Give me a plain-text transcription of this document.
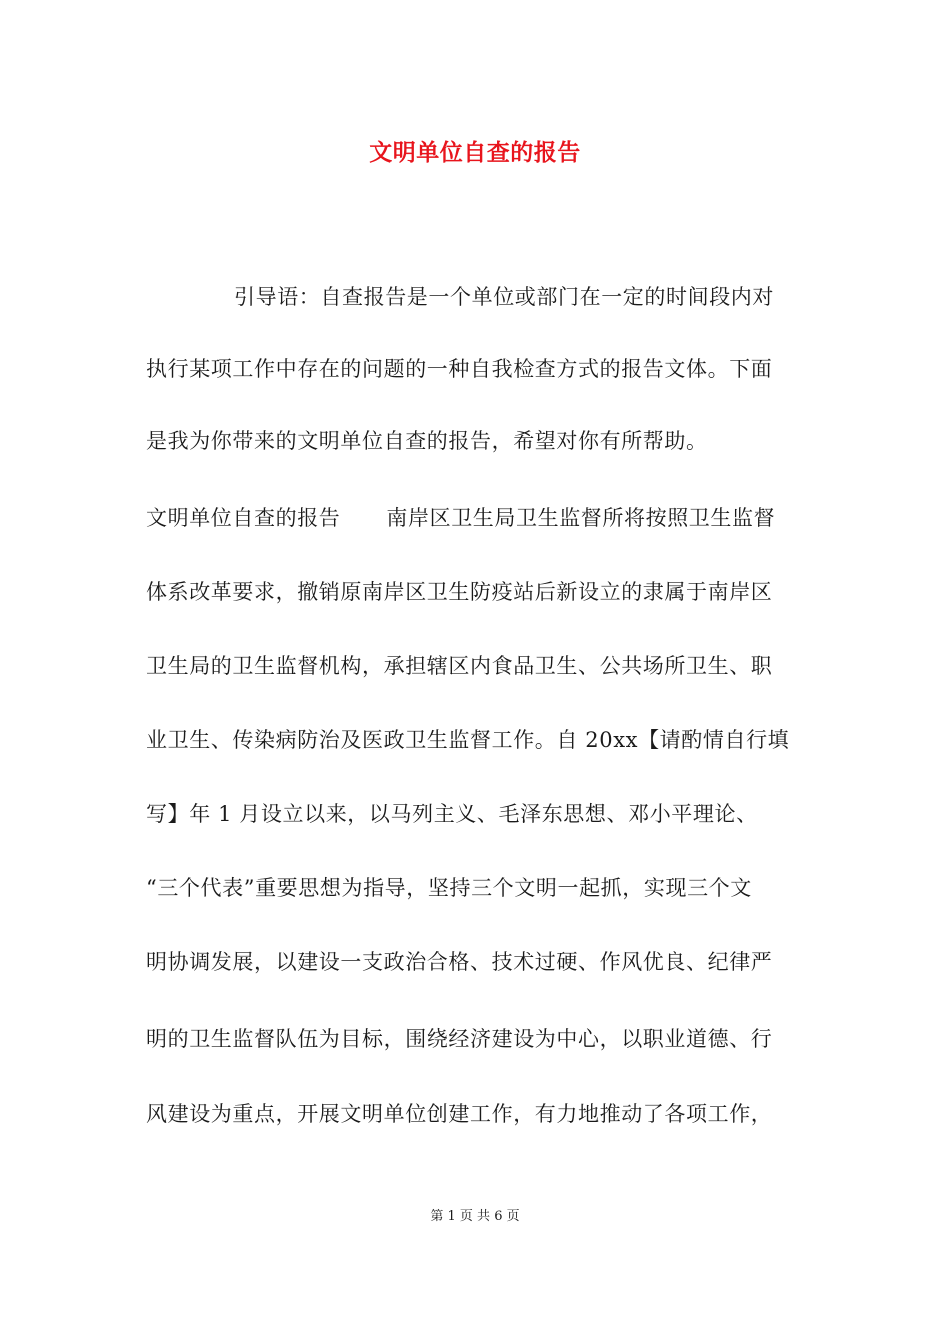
文明单位自查的报告
引导语：自查报告是一个单位或部门在一定的时间段内对
执行某项工作中存在的问题的一种自我检查方式的报告文体。下面
是我为你带来的文明单位自查的报告，希望对你有所帮助。
文明单位自查的报告 南岸区卫生局卫生监督所将按照卫生监督
体系改革要求，撤销原南岸区卫生防疫站后新设立的隶属于南岸区
卫生局的卫生监督机构，承担辖区内食品卫生、公共场所卫生、职
业卫生、传染病防治及医政卫生监督工作。自 20xx【请酌情自行填
写】年 1 月设立以来，以马列主义、毛泽东思想、邓小平理论、
“三个代表”重要思想为指导，坚持三个文明一起抓，实现三个文
明协调发展，以建设一支政治合格、技术过硬、作风优良、纪律严
明的卫生监督队伍为目标，围绕经济建设为中心，以职业道德、行
风建设为重点，开展文明单位创建工作，有力地推动了各项工作，
第 1 页 共 6 页
